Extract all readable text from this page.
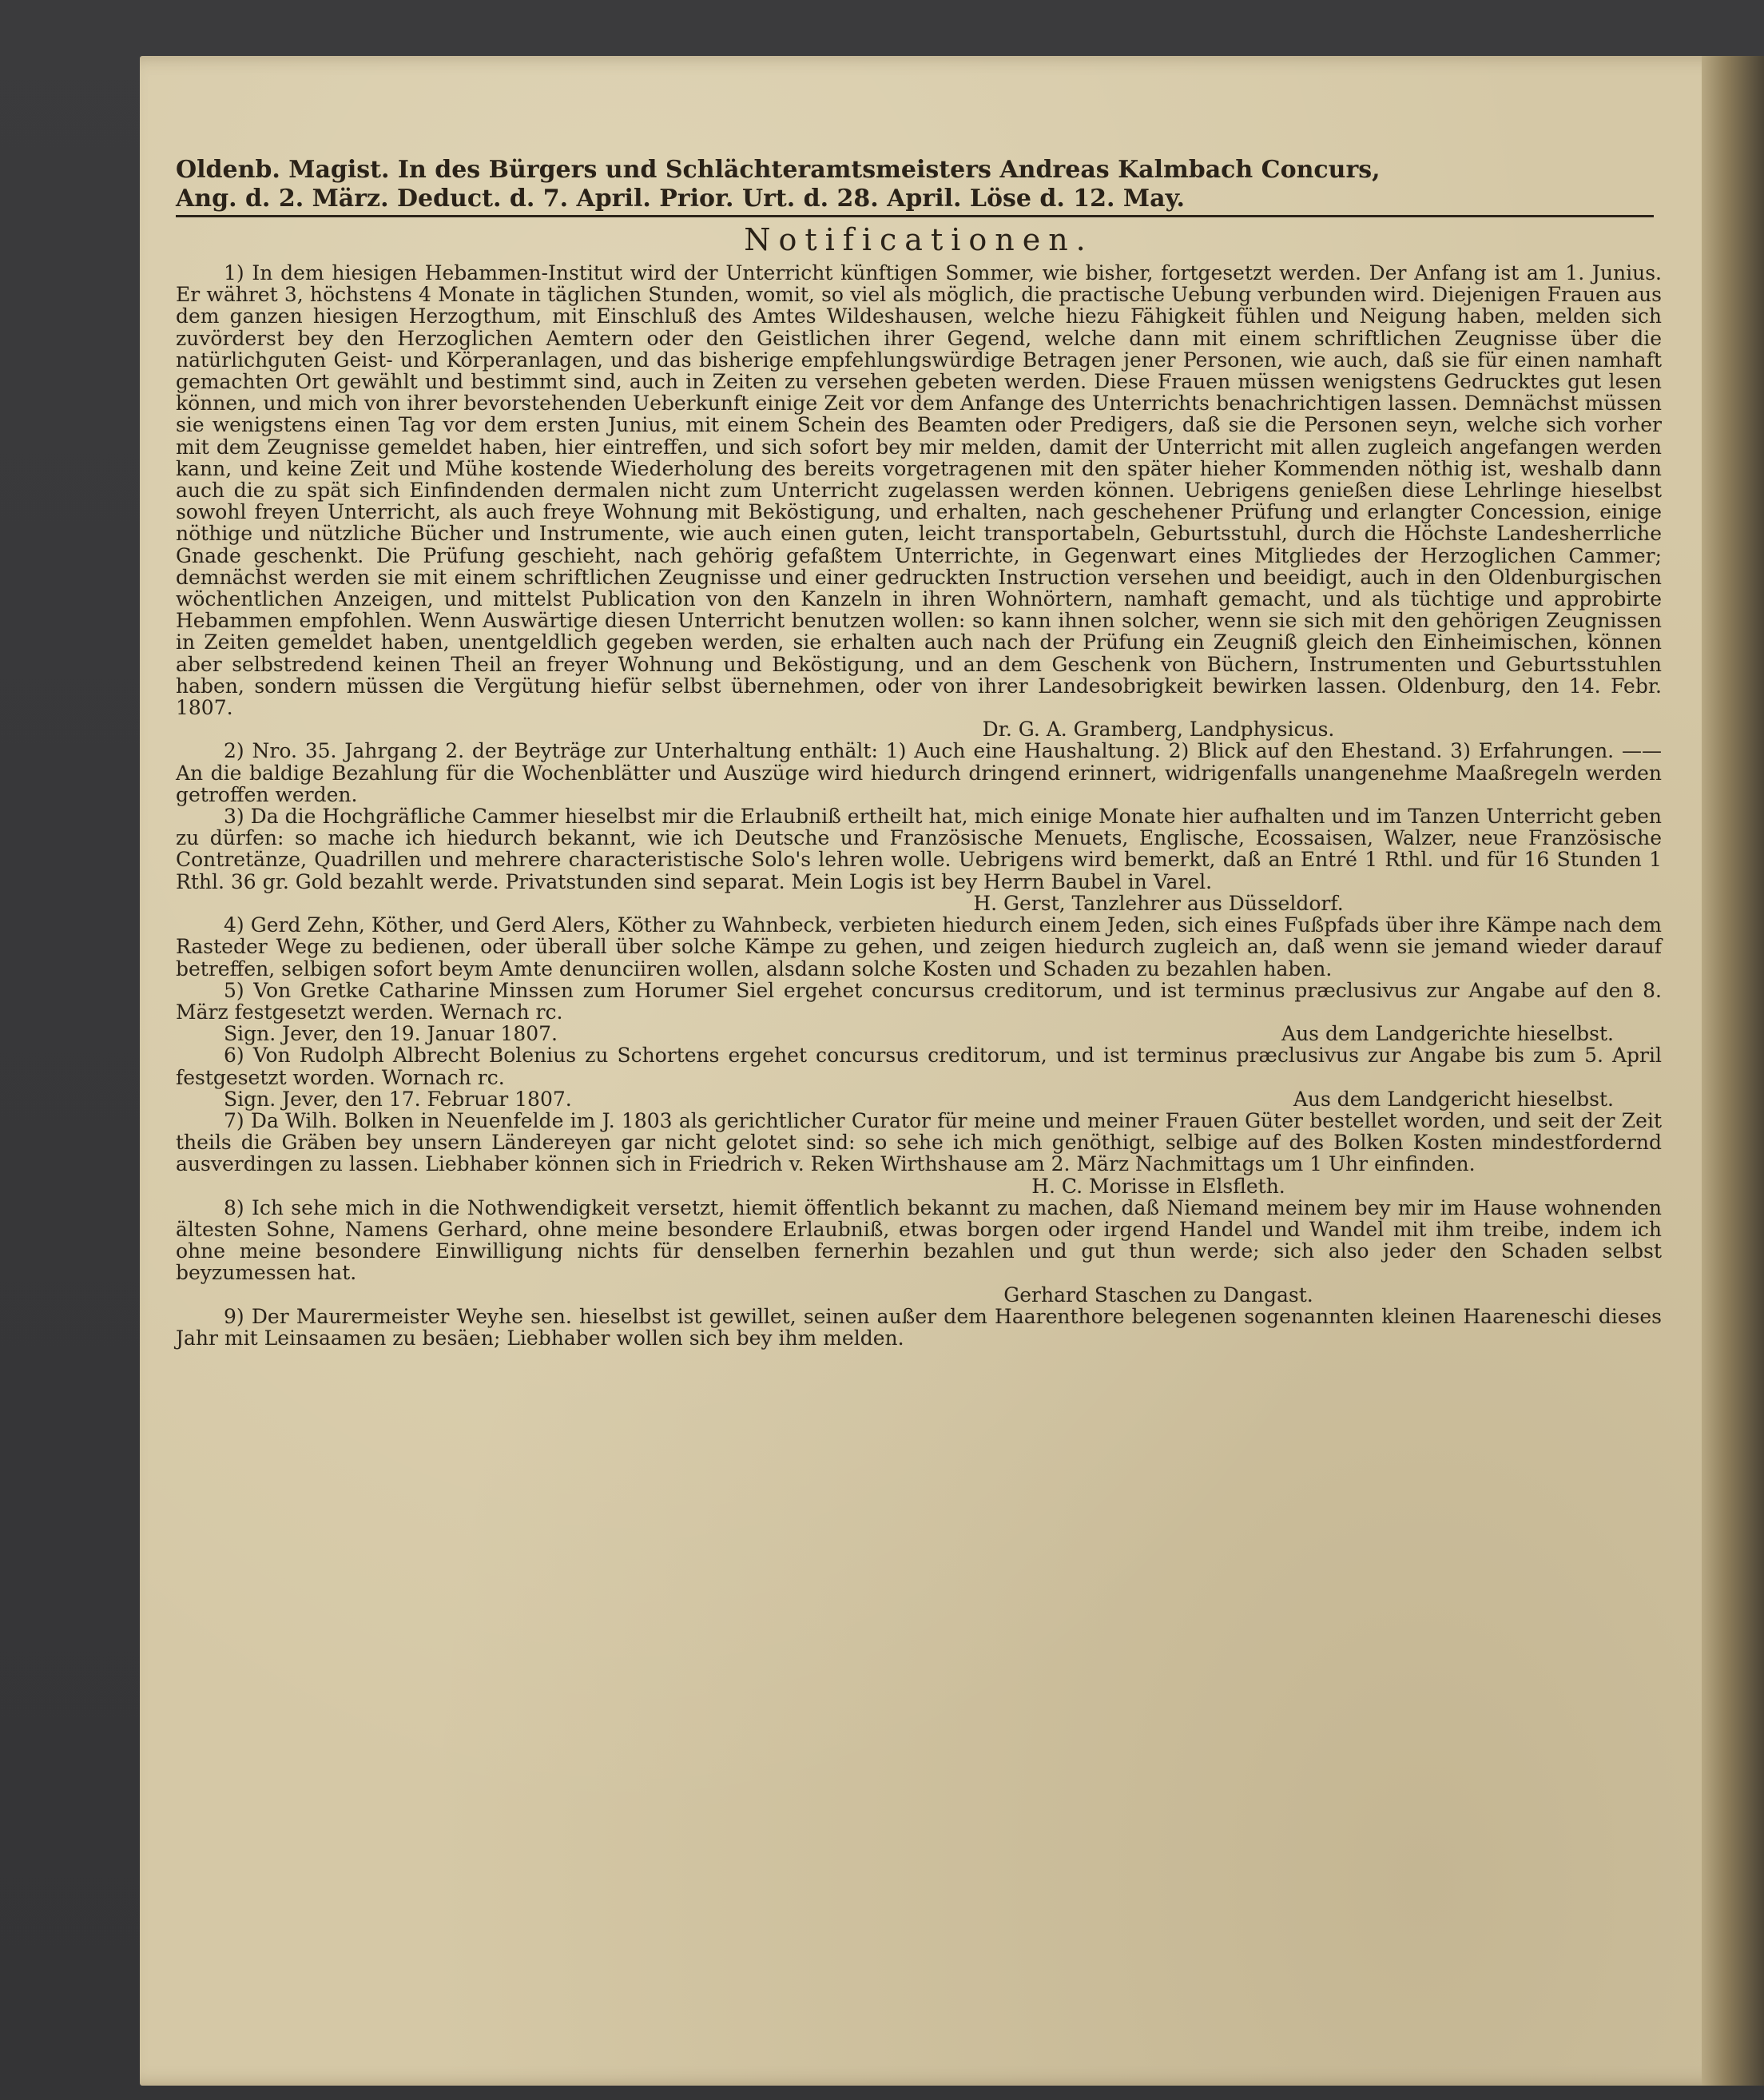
Oldenb. Magist. In des Bürgers und Schlächteramtsmeisters Andreas Kalmbach Concurs,
Ang. d. 2. März. Deduct. d. 7. April. Prior. Urt. d. 28. April. Löse d. 12. May.
Notificationen.

1) In dem hiesigen Hebammen-Institut wird der Unterricht künftigen Sommer, wie bisher, fortgesetzt werden. Der Anfang ist am 1. Junius. Er währet 3, höchstens 4 Monate in täglichen Stunden, womit, so viel als möglich, die practische Uebung verbunden wird. Diejenigen Frauen aus dem ganzen hiesigen Herzogthum, mit Einschluß des Amtes Wildeshausen, welche hiezu Fähigkeit fühlen und Neigung haben, melden sich zuvörderst bey den Herzoglichen Aemtern oder den Geistlichen ihrer Gegend, welche dann mit einem schriftlichen Zeugnisse über die natürlichguten Geist- und Körperanlagen, und das bisherige empfehlungswürdige Betragen jener Personen, wie auch, daß sie für einen namhaft gemachten Ort gewählt und bestimmt sind, auch in Zeiten zu versehen gebeten werden. Diese Frauen müssen wenigstens Gedrucktes gut lesen können, und mich von ihrer bevorstehenden Ueberkunft einige Zeit vor dem Anfange des Unterrichts benachrichtigen lassen. Demnächst müssen sie wenigstens einen Tag vor dem ersten Junius, mit einem Schein des Beamten oder Predigers, daß sie die Personen seyn, welche sich vorher mit dem Zeugnisse gemeldet haben, hier eintreffen, und sich sofort bey mir melden, damit der Unterricht mit allen zugleich angefangen werden kann, und keine Zeit und Mühe kostende Wiederholung des bereits vorgetragenen mit den später hieher Kommenden nöthig ist, weshalb dann auch die zu spät sich Einfindenden dermalen nicht zum Unterricht zugelassen werden können. Uebrigens genießen diese Lehrlinge hieselbst sowohl freyen Unterricht, als auch freye Wohnung mit Beköstigung, und erhalten, nach geschehener Prüfung und erlangter Concession, einige nöthige und nützliche Bücher und Instrumente, wie auch einen guten, leicht transportabeln, Geburtsstuhl, durch die Höchste Landesherrliche Gnade geschenkt. Die Prüfung geschieht, nach gehörig gefaßtem Unterrichte, in Gegenwart eines Mitgliedes der Herzoglichen Cammer; demnächst werden sie mit einem schriftlichen Zeugnisse und einer gedruckten Instruction versehen und beeidigt, auch in den Oldenburgischen wöchentlichen Anzeigen, und mittelst Publication von den Kanzeln in ihren Wohnörtern, namhaft gemacht, und als tüchtige und approbirte Hebammen empfohlen. Wenn Auswärtige diesen Unterricht benutzen wollen: so kann ihnen solcher, wenn sie sich mit den gehörigen Zeugnissen in Zeiten gemeldet haben, unentgeldlich gegeben werden, sie erhalten auch nach der Prüfung ein Zeugniß gleich den Einheimischen, können aber selbstredend keinen Theil an freyer Wohnung und Beköstigung, und an dem Geschenk von Büchern, Instrumenten und Geburtsstuhlen haben, sondern müssen die Vergütung hiefür selbst übernehmen, oder von ihrer Landesobrigkeit bewirken lassen. Oldenburg, den 14. Febr. 1807.

Dr. G. A. Gramberg, Landphysicus.

2) Nro. 35. Jahrgang 2. der Beyträge zur Unterhaltung enthält: 1) Auch eine Haushaltung. 2) Blick auf den Ehestand. 3) Erfahrungen. —— An die baldige Bezahlung für die Wochenblätter und Auszüge wird hiedurch dringend erinnert, widrigenfalls unangenehme Maaßregeln werden getroffen werden.

3) Da die Hochgräfliche Cammer hieselbst mir die Erlaubniß ertheilt hat, mich einige Monate hier aufhalten und im Tanzen Unterricht geben zu dürfen: so mache ich hiedurch bekannt, wie ich Deutsche und Französische Menuets, Englische, Ecossaisen, Walzer, neue Französische Contretänze, Quadrillen und mehrere characteristische Solo's lehren wolle. Uebrigens wird bemerkt, daß an Entré 1 Rthl. und für 16 Stunden 1 Rthl. 36 gr. Gold bezahlt werde. Privatstunden sind separat. Mein Logis ist bey Herrn Baubel in Varel.

H. Gerst, Tanzlehrer aus Düsseldorf.

4) Gerd Zehn, Köther, und Gerd Alers, Köther zu Wahnbeck, verbieten hiedurch einem Jeden, sich eines Fußpfads über ihre Kämpe nach dem Rasteder Wege zu bedienen, oder überall über solche Kämpe zu gehen, und zeigen hiedurch zugleich an, daß wenn sie jemand wieder darauf betreffen, selbigen sofort beym Amte denunciiren wollen, alsdann solche Kosten und Schaden zu bezahlen haben.

5) Von Gretke Catharine Minssen zum Horumer Siel ergehet concursus creditorum, und ist terminus præclusivus zur Angabe auf den 8. März festgesetzt werden. Wernach rc.

Sign. Jever, den 19. Januar 1807.	Aus dem Landgerichte hieselbst.

6) Von Rudolph Albrecht Bolenius zu Schortens ergehet concursus creditorum, und ist terminus præclusivus zur Angabe bis zum 5. April festgesetzt worden. Wornach rc.

Sign. Jever, den 17. Februar 1807.	Aus dem Landgericht hieselbst.

7) Da Wilh. Bolken in Neuenfelde im J. 1803 als gerichtlicher Curator für meine und meiner Frauen Güter bestellet worden, und seit der Zeit theils die Gräben bey unsern Ländereyen gar nicht gelotet sind: so sehe ich mich genöthigt, selbige auf des Bolken Kosten mindestfordernd ausverdingen zu lassen. Liebhaber können sich in Friedrich v. Reken Wirthshause am 2. März Nachmittags um 1 Uhr einfinden.

H. C. Morisse in Elsfleth.

8) Ich sehe mich in die Nothwendigkeit versetzt, hiemit öffentlich bekannt zu machen, daß Niemand meinem bey mir im Hause wohnenden ältesten Sohne, Namens Gerhard, ohne meine besondere Erlaubniß, etwas borgen oder irgend Handel und Wandel mit ihm treibe, indem ich ohne meine besondere Einwilligung nichts für denselben fernerhin bezahlen und gut thun werde; sich also jeder den Schaden selbst beyzumessen hat.

Gerhard Staschen zu Dangast.

9) Der Maurermeister Weyhe sen. hieselbst ist gewillet, seinen außer dem Haarenthore belegenen sogenannten kleinen Haareneschi dieses Jahr mit Leinsaamen zu besäen; Liebhaber wollen sich bey ihm melden.
